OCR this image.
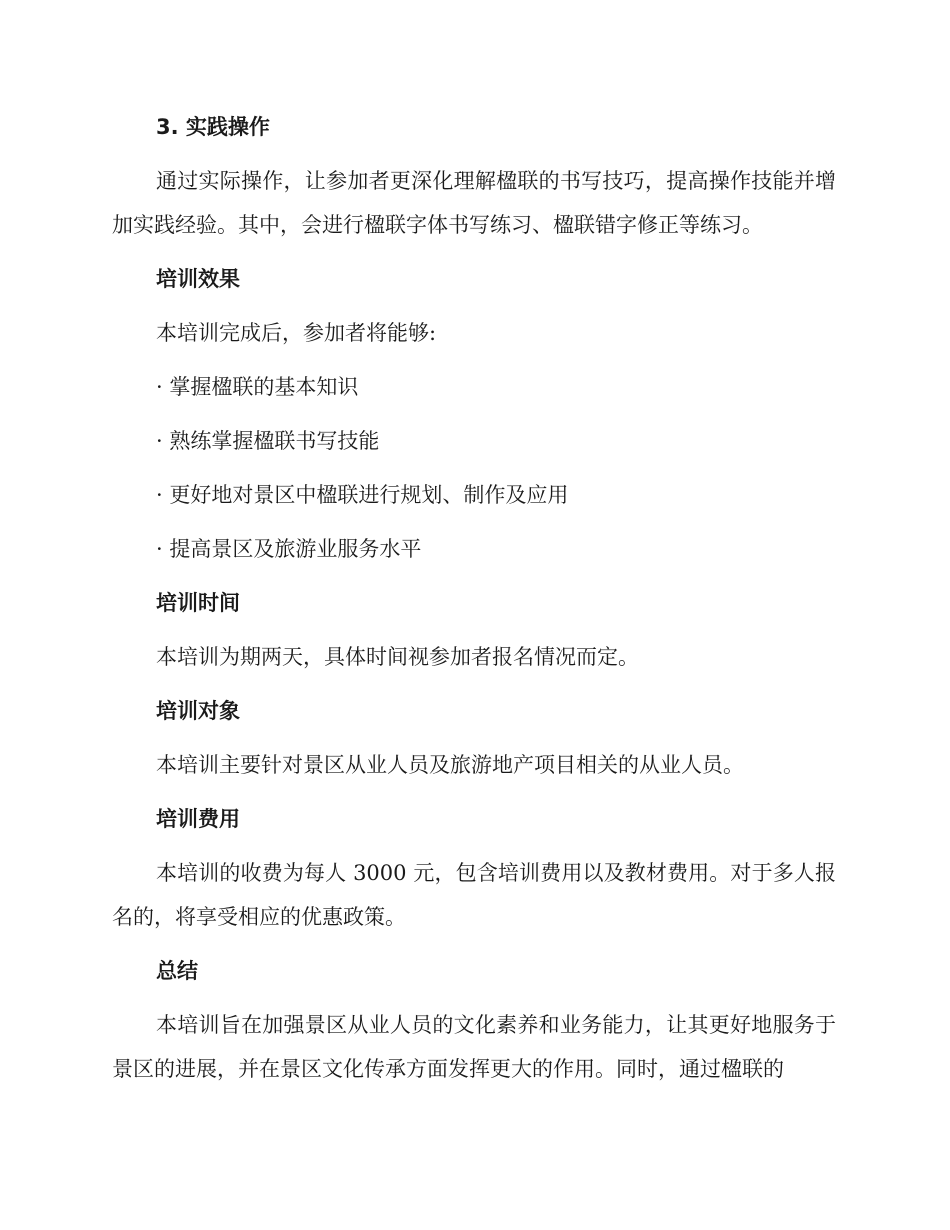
3. 实践操作
通过实际操作，让参加者更深化理解楹联的书写技巧，提高操作技能并增加实践经验。其中，会进行楹联字体书写练习、楹联错字修正等练习。
培训效果
本培训完成后，参加者将能够:
· 掌握楹联的基本知识
· 熟练掌握楹联书写技能
· 更好地对景区中楹联进行规划、制作及应用
· 提高景区及旅游业服务水平
培训时间
本培训为期两天，具体时间视参加者报名情况而定。
培训对象
本培训主要针对景区从业人员及旅游地产项目相关的从业人员。
培训费用
本培训的收费为每人 3000 元，包含培训费用以及教材费用。对于多人报名的，将享受相应的优惠政策。
总结
本培训旨在加强景区从业人员的文化素养和业务能力，让其更好地服务于景区的进展，并在景区文化传承方面发挥更大的作用。同时，通过楹联的
